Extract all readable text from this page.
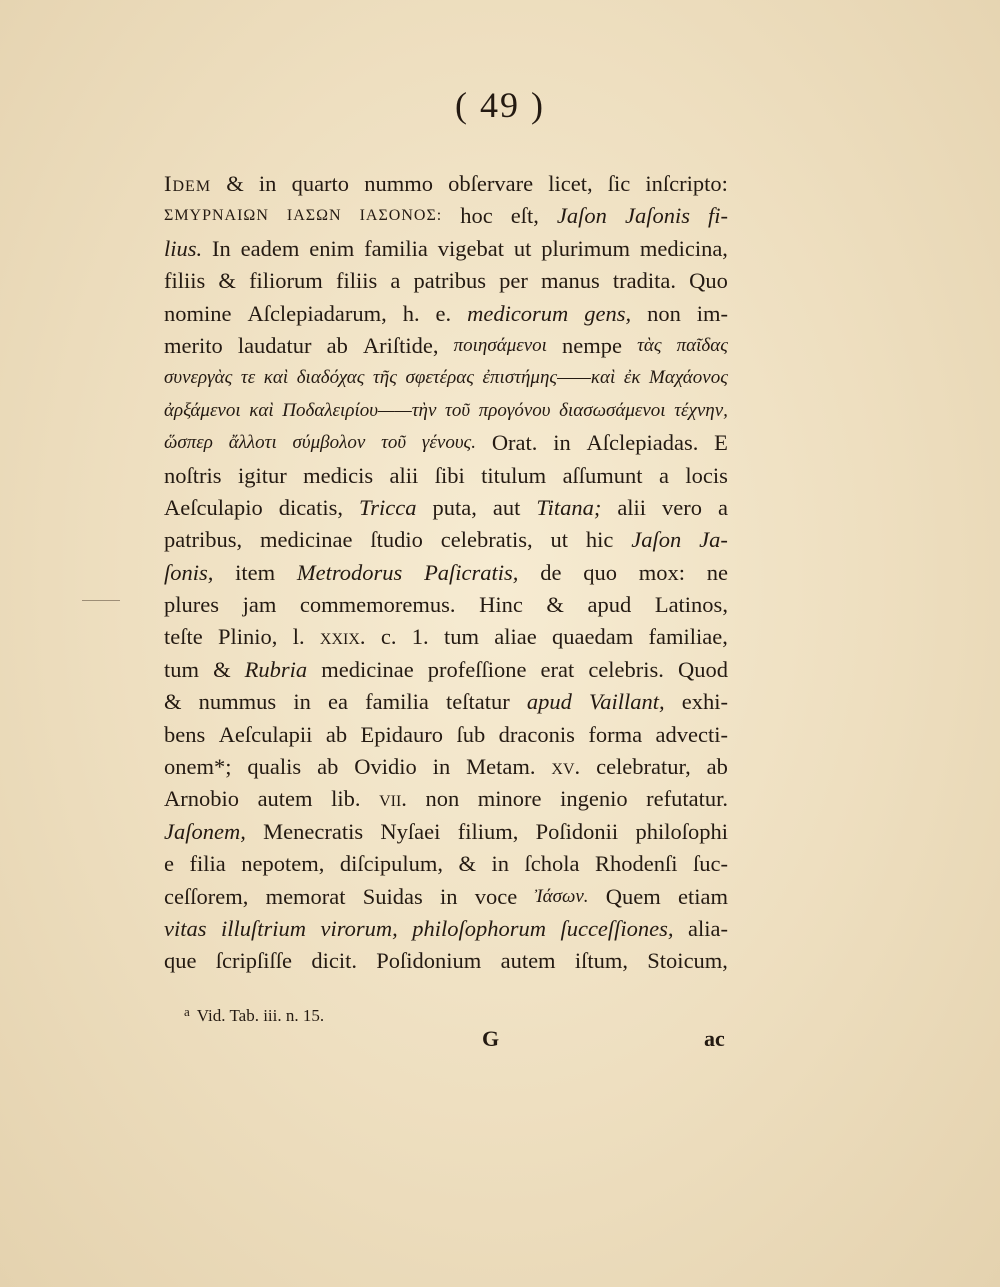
( 49 )
Idem & in quarto nummo obſervare licet, ſic inſcripto:
ΣΜΥΡΝΑΙΩΝ ΙΑΣΩΝ ΙΑΣΟΝΟΣ: hoc eſt, Jaſon Jaſonis fi-
lius. In eadem enim familia vigebat ut plurimum medicina,
filiis & filiorum filiis a patribus per manus tradita. Quo
nomine Aſclepiadarum, h. e. medicorum gens, non im-
merito laudatur ab Ariſtide, ποιησάμενοι nempe τὰς παῖδας
συνεργὰς τε καὶ διαδόχας τῆς σφετέρας ἐπιστήμης——καὶ ἐκ Μαχάονος
ἀρξάμενοι καὶ Ποδαλειρίου——τὴν τοῦ προγόνου διασωσάμενοι τέχνην,
ὥσπερ ἄλλοτι σύμβολον τοῦ γένους. Orat. in Aſclepiadas. E
noſtris igitur medicis alii ſibi titulum aſſumunt a locis
Aeſculapio dicatis, Tricca puta, aut Titana; alii vero a
patribus, medicinae ſtudio celebratis, ut hic Jaſon Ja-
ſonis, item Metrodorus Paſicratis, de quo mox: ne
plures jam commemoremus. Hinc & apud Latinos,
teſte Plinio, l. xxix. c. 1. tum aliae quaedam familiae,
tum & Rubria medicinae profeſſione erat celebris. Quod
& nummus in ea familia teſtatur apud Vaillant, exhi-
bens Aeſculapii ab Epidauro ſub draconis forma advecti-
onem*; qualis ab Ovidio in Metam. xv. celebratur, ab
Arnobio autem lib. vii. non minore ingenio refutatur.
Jaſonem, Menecratis Nyſaei filium, Poſidonii philoſophi
e filia nepotem, diſcipulum, & in ſchola Rhodenſi ſuc-
ceſſorem, memorat Suidas in voce Ἰάσων. Quem etiam
vitas illuſtrium virorum, philoſophorum ſucceſſiones, alia-
que ſcripſiſſe dicit. Poſidonium autem iſtum, Stoicum,
a Vid. Tab. iii. n. 15.
G	ac
